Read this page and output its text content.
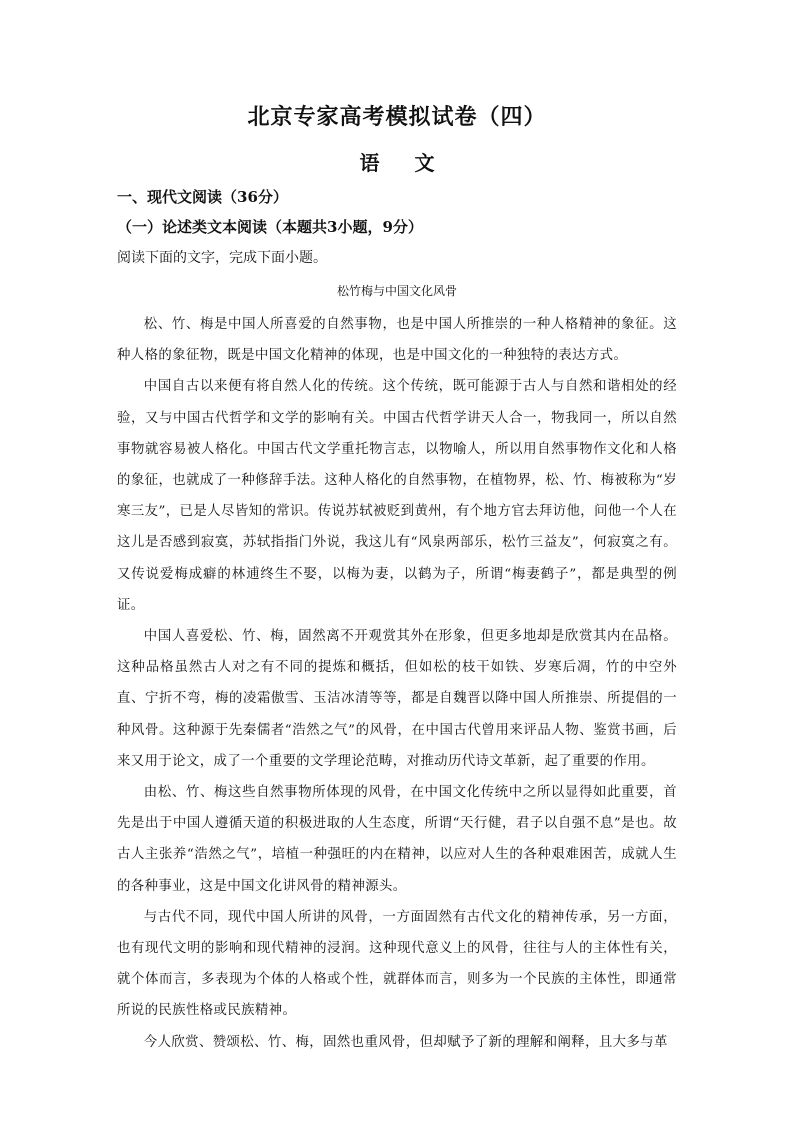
北京专家高考模拟试卷（四）
语 文
一、现代文阅读（36分）
（一）论述类文本阅读（本题共3小题，9分）
阅读下面的文字，完成下面小题。
松竹梅与中国文化风骨

松、竹、梅是中国人所喜爱的自然事物，也是中国人所推崇的一种人格精神的象征。这种人格的象征物，既是中国文化精神的体现，也是中国文化的一种独特的表达方式。

中国自古以来便有将自然人化的传统。这个传统，既可能源于古人与自然和谐相处的经验，又与中国古代哲学和文学的影响有关。中国古代哲学讲天人合一，物我同一，所以自然事物就容易被人格化。中国古代文学重托物言志，以物喻人，所以用自然事物作文化和人格的象征，也就成了一种修辞手法。这种人格化的自然事物，在植物界，松、竹、梅被称为“岁寒三友”，已是人尽皆知的常识。传说苏轼被贬到黄州，有个地方官去拜访他，问他一个人在这儿是否感到寂寞，苏轼指指门外说，我这儿有“风泉两部乐，松竹三益友”，何寂寞之有。又传说爱梅成癖的林逋终生不娶，以梅为妻，以鹤为子，所谓“梅妻鹤子”，都是典型的例证。

中国人喜爱松、竹、梅，固然离不开观赏其外在形象，但更多地却是欣赏其内在品格。这种品格虽然古人对之有不同的提炼和概括，但如松的枝干如铁、岁寒后凋，竹的中空外直、宁折不弯，梅的凌霜傲雪、玉洁冰清等等，都是自魏晋以降中国人所推崇、所提倡的一种风骨。这种源于先秦儒者“浩然之气”的风骨，在中国古代曾用来评品人物、鉴赏书画，后来又用于论文，成了一个重要的文学理论范畴，对推动历代诗文革新，起了重要的作用。

由松、竹、梅这些自然事物所体现的风骨，在中国文化传统中之所以显得如此重要，首先是出于中国人遵循天道的积极进取的人生态度，所谓“天行健，君子以自强不息”是也。故古人主张养“浩然之气”，培植一种强旺的内在精神，以应对人生的各种艰难困苦，成就人生的各种事业，这是中国文化讲风骨的精神源头。

与古代不同，现代中国人所讲的风骨，一方面固然有古代文化的精神传承，另一方面，也有现代文明的影响和现代精神的浸润。这种现代意义上的风骨，往往与人的主体性有关，就个体而言，多表现为个体的人格或个性，就群体而言，则多为一个民族的主体性，即通常所说的民族性格或民族精神。

今人欣赏、赞颂松、竹、梅，固然也重风骨，但却赋予了新的理解和阐释，且大多与革
